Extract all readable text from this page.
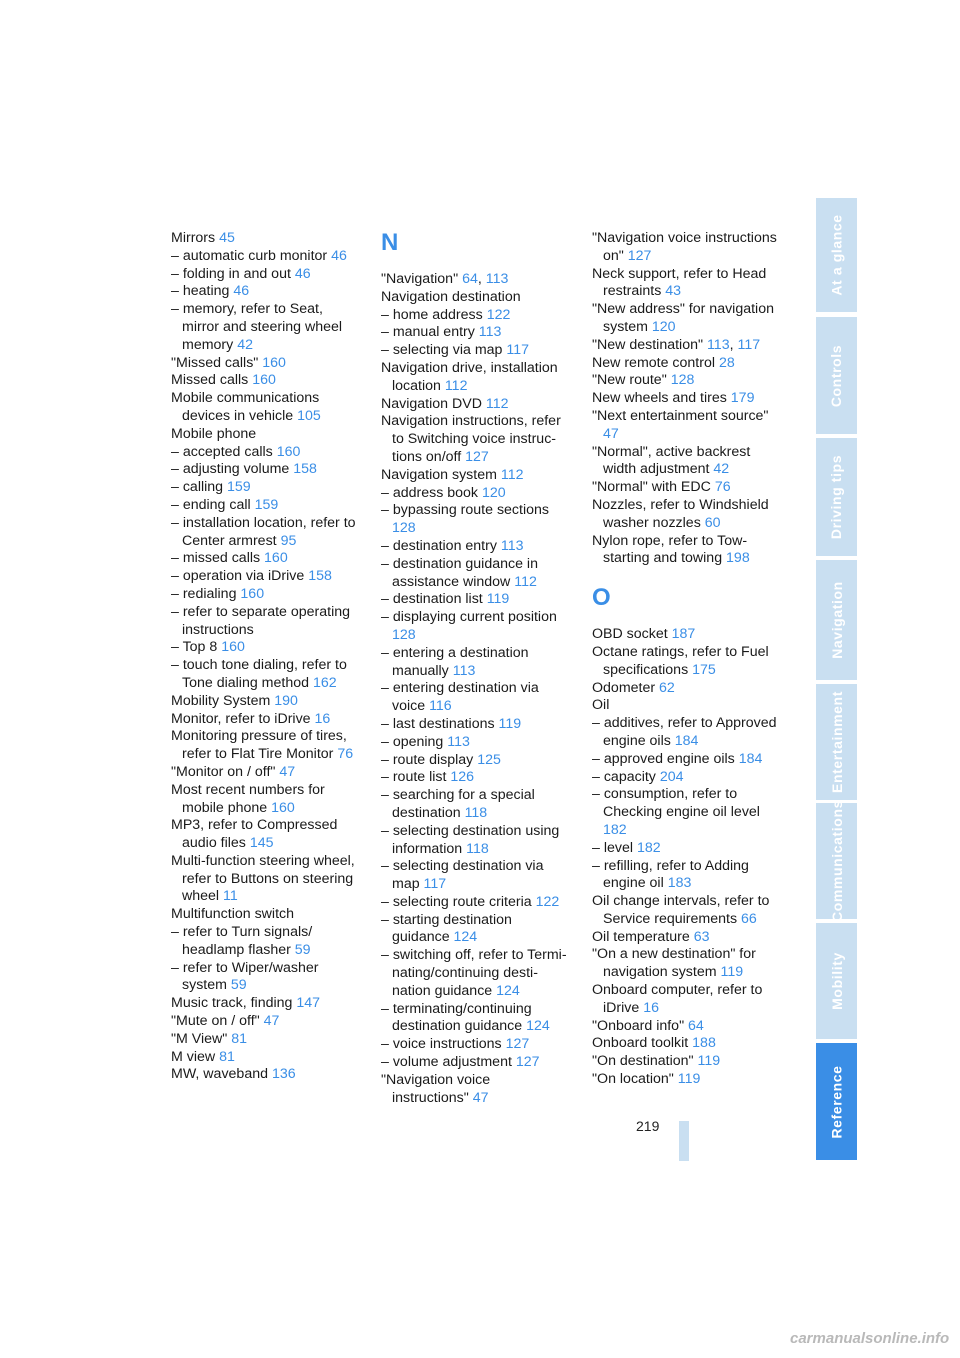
Mirrors 45

– automatic curb monitor 46

– folding in and out 46

– heating 46

– memory, refer to Seat, mirror and steering wheel memory 42

"Missed calls" 160

Missed calls 160

Mobile communications devices in vehicle 105

Mobile phone

– accepted calls 160

– adjusting volume 158

– calling 159

– ending call 159

– installation location, refer to Center armrest 95

– missed calls 160

– operation via iDrive 158

– redialing 160

– refer to separate operating instructions

– Top 8 160

– touch tone dialing, refer to Tone dialing method 162

Mobility System 190

Monitor, refer to iDrive 16

Monitoring pressure of tires, refer to Flat Tire Monitor 76

"Monitor on / off" 47

Most recent numbers for mobile phone 160

MP3, refer to Compressed audio files 145

Multi-function steering wheel, refer to Buttons on steering wheel 11

Multifunction switch

– refer to Turn signals/ headlamp flasher 59

– refer to Wiper/washer system 59

Music track, finding 147

"Mute on / off" 47

"M View" 81

M view 81

MW, waveband 136

N

"Navigation" 64, 113

Navigation destination

– home address 122

– manual entry 113

– selecting via map 117

Navigation drive, installation location 112

Navigation DVD 112

Navigation instructions, refer to Switching voice instruc-tions on/off 127

Navigation system 112

– address book 120

– bypassing route sections 128

– destination entry 113

– destination guidance in assistance window 112

– destination list 119

– displaying current position 128

– entering a destination manually 113

– entering destination via voice 116

– last destinations 119

– opening 113

– route display 125

– route list 126

– searching for a special destination 118

– selecting destination using information 118

– selecting destination via map 117

– selecting route criteria 122

– starting destination guidance 124

– switching off, refer to Termi-nating/continuing desti-nation guidance 124

– terminating/continuing destination guidance 124

– voice instructions 127

– volume adjustment 127

"Navigation voice instructions" 47

"Navigation voice instructions on" 127

Neck support, refer to Head restraints 43

"New address" for navigation system 120

"New destination" 113, 117

New remote control 28

"New route" 128

New wheels and tires 179

"Next entertainment source" 47

"Normal", active backrest width adjustment 42

"Normal" with EDC 76

Nozzles, refer to Windshield washer nozzles 60

Nylon rope, refer to Tow-starting and towing 198

O

OBD socket 187

Octane ratings, refer to Fuel specifications 175

Odometer 62

Oil

– additives, refer to Approved engine oils 184

– approved engine oils 184

– capacity 204

– consumption, refer to Checking engine oil level 182

– level 182

– refilling, refer to Adding engine oil 183

Oil change intervals, refer to Service requirements 66

Oil temperature 63

"On a new destination" for navigation system 119

Onboard computer, refer to iDrive 16

"Onboard info" 64

Onboard toolkit 188

"On destination" 119

"On location" 119

At a glance
Controls
Driving tips
Navigation
Entertainment
Communications
Mobility
Reference
219
carmanualsonline.info
